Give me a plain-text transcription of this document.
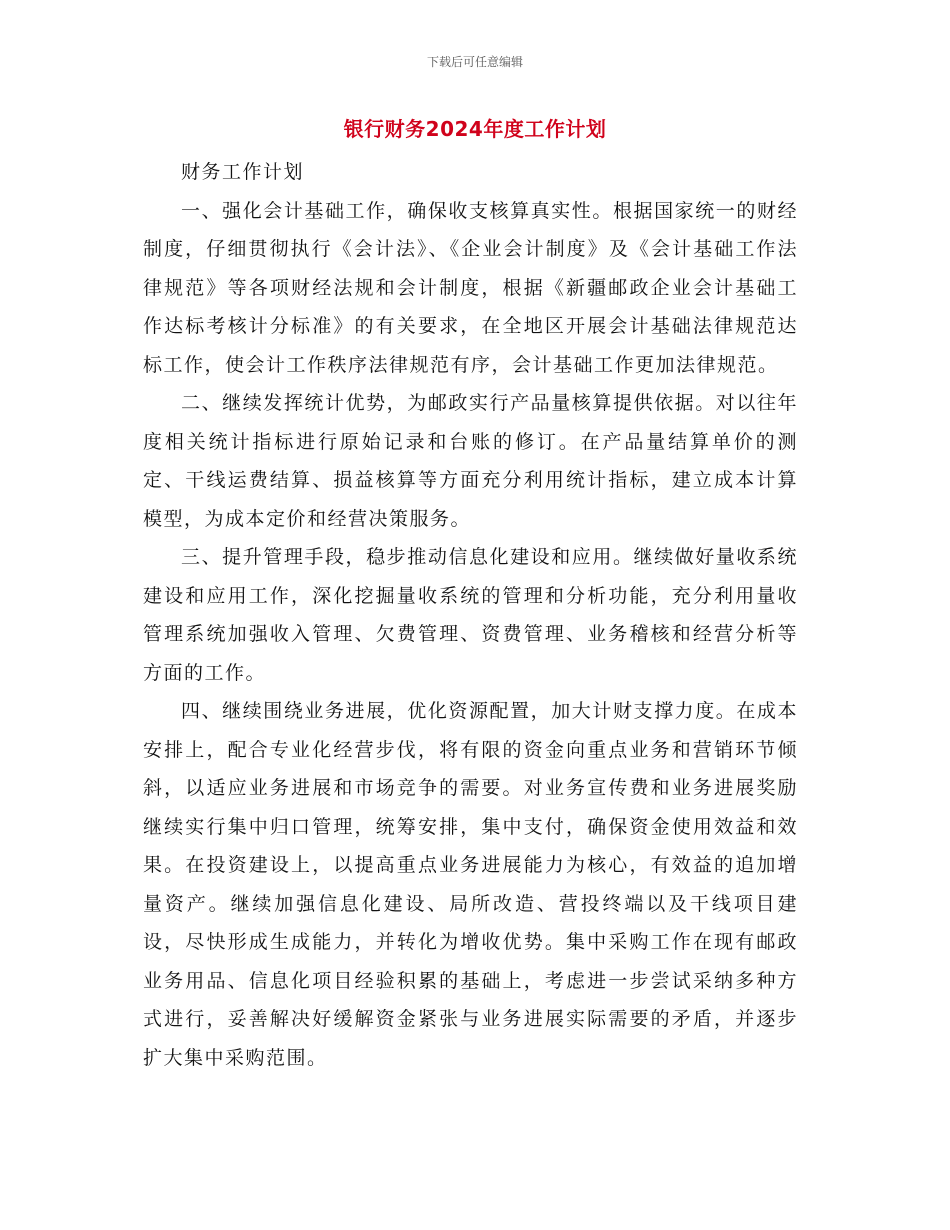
下载后可任意编辑
银行财务2024年度工作计划

财务工作计划

一、强化会计基础工作，确保收支核算真实性。根据国家统一的财经制度，仔细贯彻执行《会计法》、《企业会计制度》及《会计基础工作法律规范》等各项财经法规和会计制度，根据《新疆邮政企业会计基础工作达标考核计分标准》的有关要求，在全地区开展会计基础法律规范达标工作，使会计工作秩序法律规范有序，会计基础工作更加法律规范。

二、继续发挥统计优势，为邮政实行产品量核算提供依据。对以往年度相关统计指标进行原始记录和台账的修订。在产品量结算单价的测定、干线运费结算、损益核算等方面充分利用统计指标，建立成本计算模型，为成本定价和经营决策服务。

三、提升管理手段，稳步推动信息化建设和应用。继续做好量收系统建设和应用工作，深化挖掘量收系统的管理和分析功能，充分利用量收管理系统加强收入管理、欠费管理、资费管理、业务稽核和经营分析等方面的工作。

四、继续围绕业务进展，优化资源配置，加大计财支撑力度。在成本安排上，配合专业化经营步伐，将有限的资金向重点业务和营销环节倾斜，以适应业务进展和市场竞争的需要。对业务宣传费和业务进展奖励继续实行集中归口管理，统筹安排，集中支付，确保资金使用效益和效果。在投资建设上，以提高重点业务进展能力为核心，有效益的追加增量资产。继续加强信息化建设、局所改造、营投终端以及干线项目建设，尽快形成生成能力，并转化为增收优势。集中采购工作在现有邮政业务用品、信息化项目经验积累的基础上，考虑进一步尝试采纳多种方式进行，妥善解决好缓解资金紧张与业务进展实际需要的矛盾，并逐步扩大集中采购范围。
